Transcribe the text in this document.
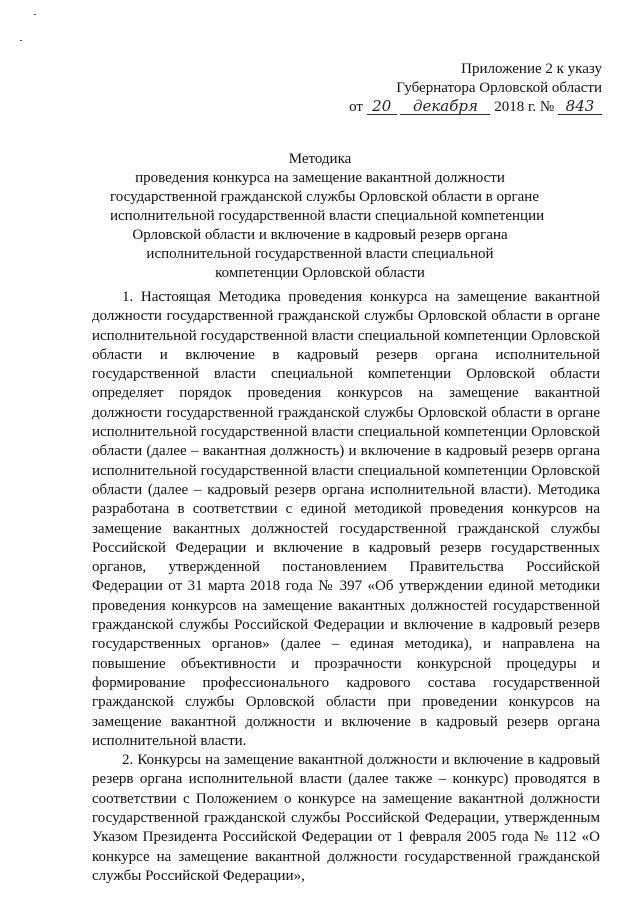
Приложение 2 к указу
Губернатора Орловской области
от 20 декабря 2018 г. № 843
Методика
проведения конкурса на замещение вакантной должности
государственной гражданской службы Орловской области в органе
исполнительной государственной власти специальной компетенции
Орловской области и включение в кадровый резерв органа
исполнительной государственной власти специальной
компетенции Орловской области

1. Настоящая Методика проведения конкурса на замещение вакантной должности государственной гражданской службы Орловской области в органе исполнительной государственной власти специальной компетенции Орловской области и включение в кадровый резерв органа исполнительной государственной власти специальной компетенции Орловской области определяет порядок проведения конкурсов на замещение вакантной должности государственной гражданской службы Орловской области в органе исполнительной государственной власти специальной компетенции Орловской области (далее – вакантная должность) и включение в кадровый резерв органа исполнительной государственной власти специальной компетенции Орловской области (далее – кадровый резерв органа исполнительной власти). Методика разработана в соответствии с единой методикой проведения конкурсов на замещение вакантных должностей государственной гражданской службы Российской Федерации и включение в кадровый резерв государственных органов, утвержденной постановлением Правительства Российской Федерации от 31 марта 2018 года № 397 «Об утверждении единой методики проведения конкурсов на замещение вакантных должностей государственной гражданской службы Российской Федерации и включение в кадровый резерв государственных органов» (далее – единая методика), и направлена на повышение объективности и прозрачности конкурсной процедуры и формирование профессионального кадрового состава государственной гражданской службы Орловской области при проведении конкурсов на замещение вакантной должности и включение в кадровый резерв органа исполнительной власти.

2. Конкурсы на замещение вакантной должности и включение в кадровый резерв органа исполнительной власти (далее также – конкурс) проводятся в соответствии с Положением о конкурсе на замещение вакантной должности государственной гражданской службы Российской Федерации, утвержденным Указом Президента Российской Федерации от 1 февраля 2005 года № 112 «О конкурсе на замещение вакантной должности государственной гражданской службы Российской Федерации»,
